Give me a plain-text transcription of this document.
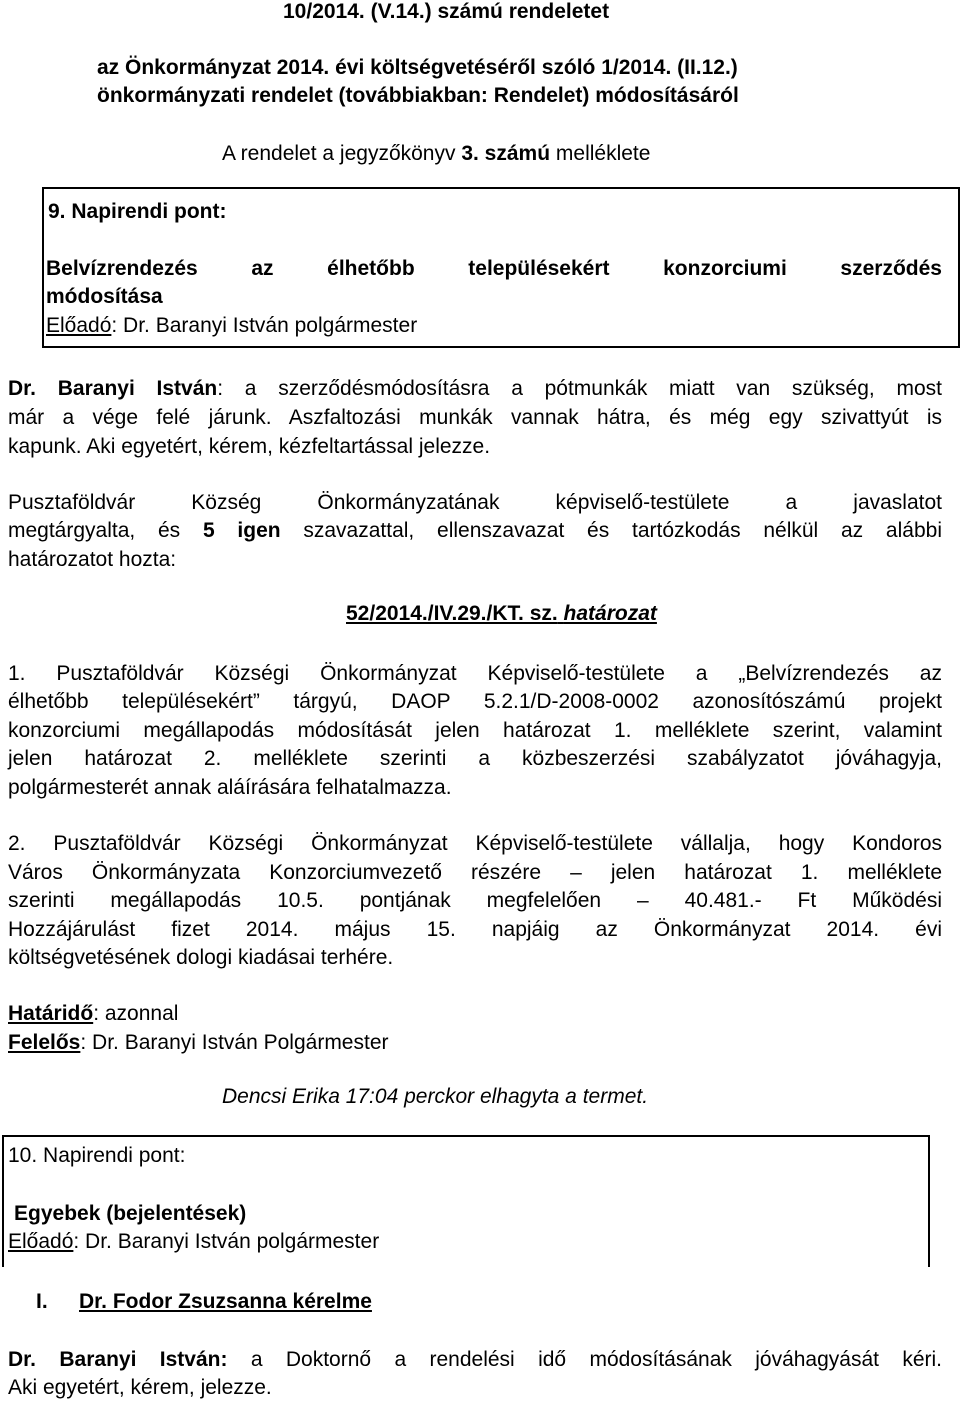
10/2014. (V.14.) számú rendeletet
az Önkormányzat 2014. évi költségvetéséről szóló 1/2014. (II.12.)
önkormányzati rendelet (továbbiakban: Rendelet) módosításáról
A rendelet a jegyzőkönyv 3. számú melléklete
9. Napirendi pont:
Belvízrendezés	az	élhetőbb	településekért	konzorciumi	szerződés
módosítása
Előadó: Dr. Baranyi István polgármester
Dr. Baranyi István: a szerződésmódosításra a pótmunkák miatt van szükség, most
már a vége felé járunk. Aszfaltozási munkák vannak hátra, és még egy szivattyút is
kapunk. Aki egyetért, kérem, kézfeltartással jelezze.
Pusztaföldvár Község Önkormányzatának képviselő-testülete a javaslatot
megtárgyalta, és 5 igen szavazattal, ellenszavazat és tartózkodás nélkül az alábbi
határozatot hozta:
52/2014./IV.29./KT. sz. határozat
1. Pusztaföldvár Községi Önkormányzat Képviselő-testülete a „Belvízrendezés az
élhetőbb településekért” tárgyú, DAOP 5.2.1/D-2008-0002 azonosítószámú projekt
konzorciumi megállapodás módosítását jelen határozat 1. melléklete szerint, valamint
jelen határozat 2. melléklete szerinti a közbeszerzési szabályzatot jóváhagyja,
polgármesterét annak aláírására felhatalmazza.
2. Pusztaföldvár Községi Önkormányzat Képviselő-testülete vállalja, hogy Kondoros
Város Önkormányzata Konzorciumvezető részére – jelen határozat 1. melléklete
szerinti megállapodás 10.5. pontjának megfelelően – 40.481.- Ft Működési
Hozzájárulást fizet 2014. május 15. napjáig az Önkormányzat 2014. évi
költségvetésének dologi kiadásai terhére.
Határidő: azonnal
Felelős: Dr. Baranyi István Polgármester
Dencsi Erika 17:04 perckor elhagyta a termet.
10. Napirendi pont:
Egyebek (bejelentések)
Előadó: Dr. Baranyi István polgármester
I. Dr. Fodor Zsuzsanna kérelme
Dr. Baranyi István: a Doktornő a rendelési idő módosításának jóváhagyását kéri.
Aki egyetért, kérem, jelezze.
